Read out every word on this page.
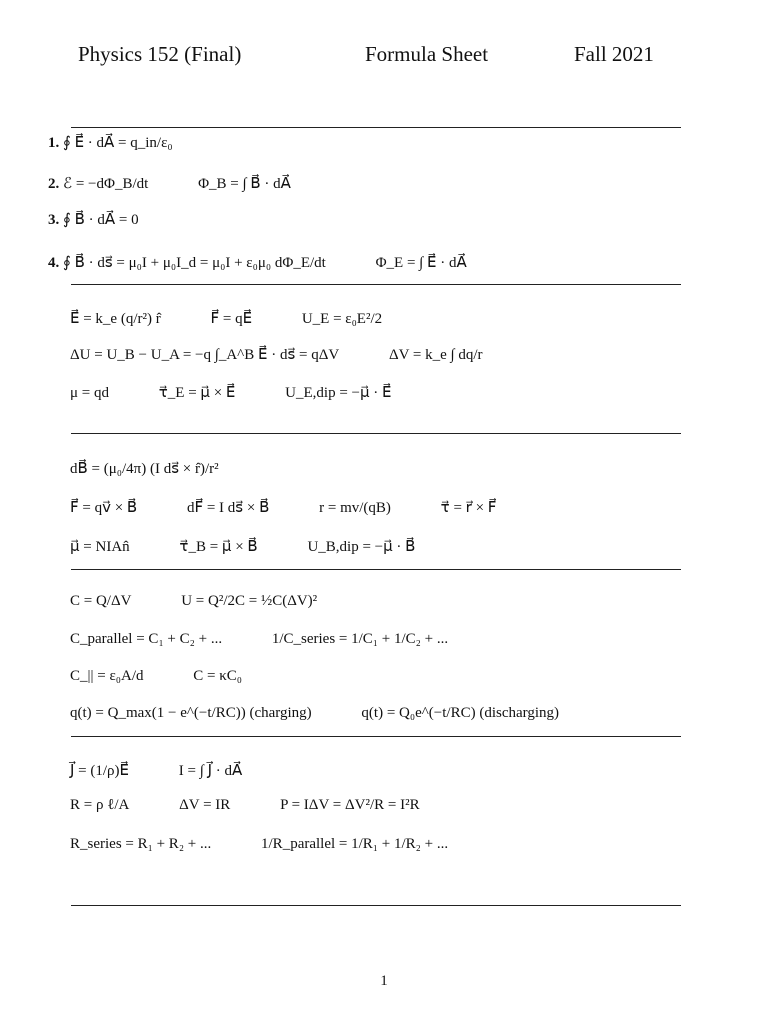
Physics 152 (Final)	Formula Sheet	Fall 2021
1. ∮ E⃗ · dA⃗ = q_in/ε₀
2. ℰ = −dΦ_B/dt	Φ_B = ∫ B⃗ · dA⃗
3. ∮ B⃗ · dA⃗ = 0
4. ∮ B⃗ · ds⃗ = μ₀I + μ₀I_d = μ₀I + ε₀μ₀ dΦ_E/dt	Φ_E = ∫ E⃗ · dA⃗
E⃗ = k_e (q/r²) r̂	F⃗ = qE⃗	U_E = ε₀E²/2
ΔU = U_B − U_A = −q ∫_A^B E⃗ · ds⃗ = qΔV	ΔV = k_e ∫ dq/r
μ = qd	τ⃗_E = μ⃗ × E⃗	U_E,dip = −μ⃗ · E⃗
dB⃗ = (μ₀/4π) (I ds⃗ × r̂)/r²
F⃗ = qv⃗ × B⃗	dF⃗ = I ds⃗ × B⃗	r = mv/(qB)	τ⃗ = r⃗ × F⃗
μ⃗ = NIAn̂	τ⃗_B = μ⃗ × B⃗	U_B,dip = −μ⃗ · B⃗
C = Q/ΔV	U = Q²/2C = ½C(ΔV)²
C_parallel = C₁ + C₂ + ...	1/C_series = 1/C₁ + 1/C₂ + ...
C_|| = ε₀A/d	C = κC₀
q(t) = Q_max(1 − e^(−t/RC)) (charging)	q(t) = Q₀e^(−t/RC) (discharging)
J⃗ = (1/ρ)E⃗	I = ∫ J⃗ · dA⃗
R = ρ ℓ/A	ΔV = IR	P = IΔV = ΔV²/R = I²R
R_series = R₁ + R₂ + ...	1/R_parallel = 1/R₁ + 1/R₂ + ...
1
